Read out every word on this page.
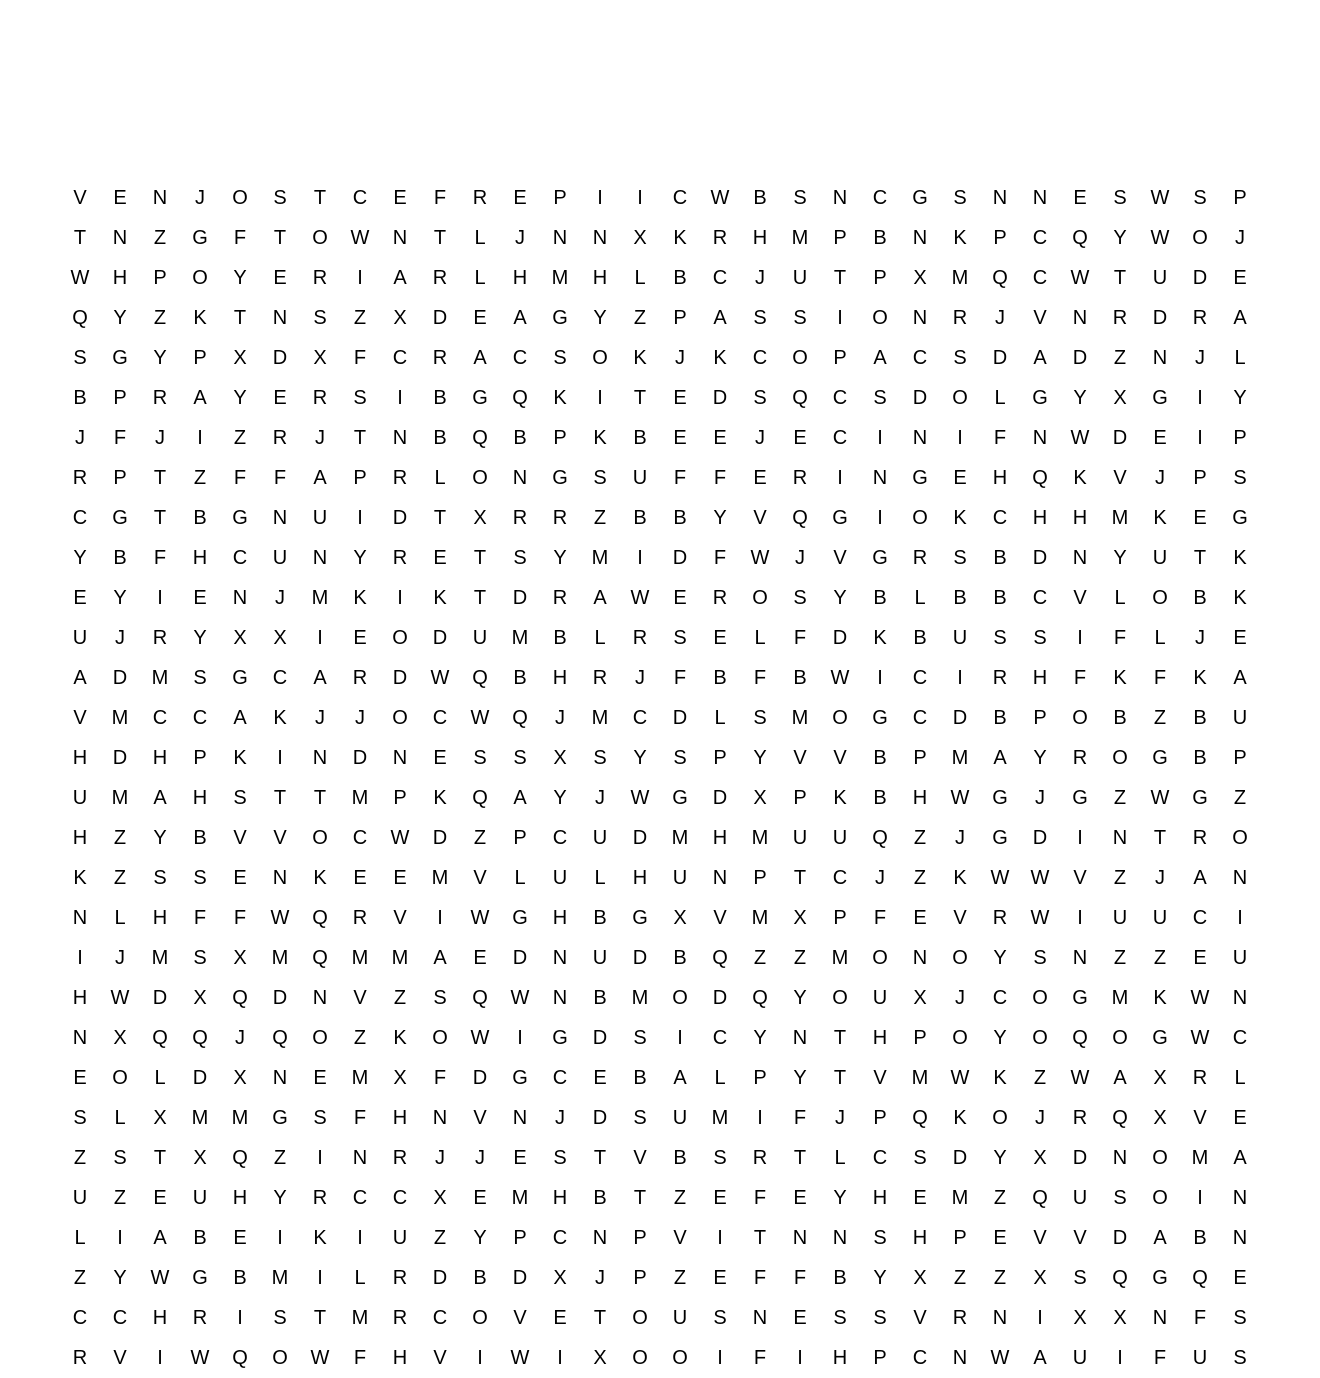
V	E	N	J	O	S	T	C	E	F	R	E	P	I	I	C	W	B	S	N	C	G	S	N	N	E	S	W	S	P
T	N	Z	G	F	T	O	W	N	T	L	J	N	N	X	K	R	H	M	P	B	N	K	P	C	Q	Y	W	O	J
W	H	P	O	Y	E	R	I	A	R	L	H	M	H	L	B	C	J	U	T	P	X	M	Q	C	W	T	U	D	E
Q	Y	Z	K	T	N	S	Z	X	D	E	A	G	Y	Z	P	A	S	S	I	O	N	R	J	V	N	R	D	R	A
S	G	Y	P	X	D	X	F	C	R	A	C	S	O	K	J	K	C	O	P	A	C	S	D	A	D	Z	N	J	L
B	P	R	A	Y	E	R	S	I	B	G	Q	K	I	T	E	D	S	Q	C	S	D	O	L	G	Y	X	G	I	Y
J	F	J	I	Z	R	J	T	N	B	Q	B	P	K	B	E	E	J	E	C	I	N	I	F	N	W	D	E	I	P
R	P	T	Z	F	F	A	P	R	L	O	N	G	S	U	F	F	E	R	I	N	G	E	H	Q	K	V	J	P	S
C	G	T	B	G	N	U	I	D	T	X	R	R	Z	B	B	Y	V	Q	G	I	O	K	C	H	H	M	K	E	G
Y	B	F	H	C	U	N	Y	R	E	T	S	Y	M	I	D	F	W	J	V	G	R	S	B	D	N	Y	U	T	K
E	Y	I	E	N	J	M	K	I	K	T	D	R	A	W	E	R	O	S	Y	B	L	B	B	C	V	L	O	B	K
U	J	R	Y	X	X	I	E	O	D	U	M	B	L	R	S	E	L	F	D	K	B	U	S	S	I	F	L	J	E
A	D	M	S	G	C	A	R	D	W	Q	B	H	R	J	F	B	F	B	W	I	C	I	R	H	F	K	F	K	A
V	M	C	C	A	K	J	J	O	C	W	Q	J	M	C	D	L	S	M	O	G	C	D	B	P	O	B	Z	B	U
H	D	H	P	K	I	N	D	N	E	S	S	X	S	Y	S	P	Y	V	V	B	P	M	A	Y	R	O	G	B	P
U	M	A	H	S	T	T	M	P	K	Q	A	Y	J	W	G	D	X	P	K	B	H	W	G	J	G	Z	W	G	Z
H	Z	Y	B	V	V	O	C	W	D	Z	P	C	U	D	M	H	M	U	U	Q	Z	J	G	D	I	N	T	R	O
K	Z	S	S	E	N	K	E	E	M	V	L	U	L	H	U	N	P	T	C	J	Z	K	W	W	V	Z	J	A	N
N	L	H	F	F	W	Q	R	V	I	W	G	H	B	G	X	V	M	X	P	F	E	V	R	W	I	U	U	C	I
I	J	M	S	X	M	Q	M	M	A	E	D	N	U	D	B	Q	Z	Z	M	O	N	O	Y	S	N	Z	Z	E	U
H	W	D	X	Q	D	N	V	Z	S	Q	W	N	B	M	O	D	Q	Y	O	U	X	J	C	O	G	M	K	W	N
N	X	Q	Q	J	Q	O	Z	K	O	W	I	G	D	S	I	C	Y	N	T	H	P	O	Y	O	Q	O	G	W	C
E	O	L	D	X	N	E	M	X	F	D	G	C	E	B	A	L	P	Y	T	V	M	W	K	Z	W	A	X	R	L
S	L	X	M	M	G	S	F	H	N	V	N	J	D	S	U	M	I	F	J	P	Q	K	O	J	R	Q	X	V	E
Z	S	T	X	Q	Z	I	N	R	J	J	E	S	T	V	B	S	R	T	L	C	S	D	Y	X	D	N	O	M	A
U	Z	E	U	H	Y	R	C	C	X	E	M	H	B	T	Z	E	F	E	Y	H	E	M	Z	Q	U	S	O	I	N
L	I	A	B	E	I	K	I	U	Z	Y	P	C	N	P	V	I	T	N	N	S	H	P	E	V	V	D	A	B	N
Z	Y	W	G	B	M	I	L	R	D	B	D	X	J	P	Z	E	F	F	B	Y	X	Z	Z	X	S	Q	G	Q	E
C	C	H	R	I	S	T	M	R	C	O	V	E	T	O	U	S	N	E	S	S	V	R	N	I	X	X	N	F	S
R	V	I	W	Q	O	W	F	H	V	I	W	I	X	O	O	I	F	I	H	P	C	N	W	A	U	I	F	U	S
